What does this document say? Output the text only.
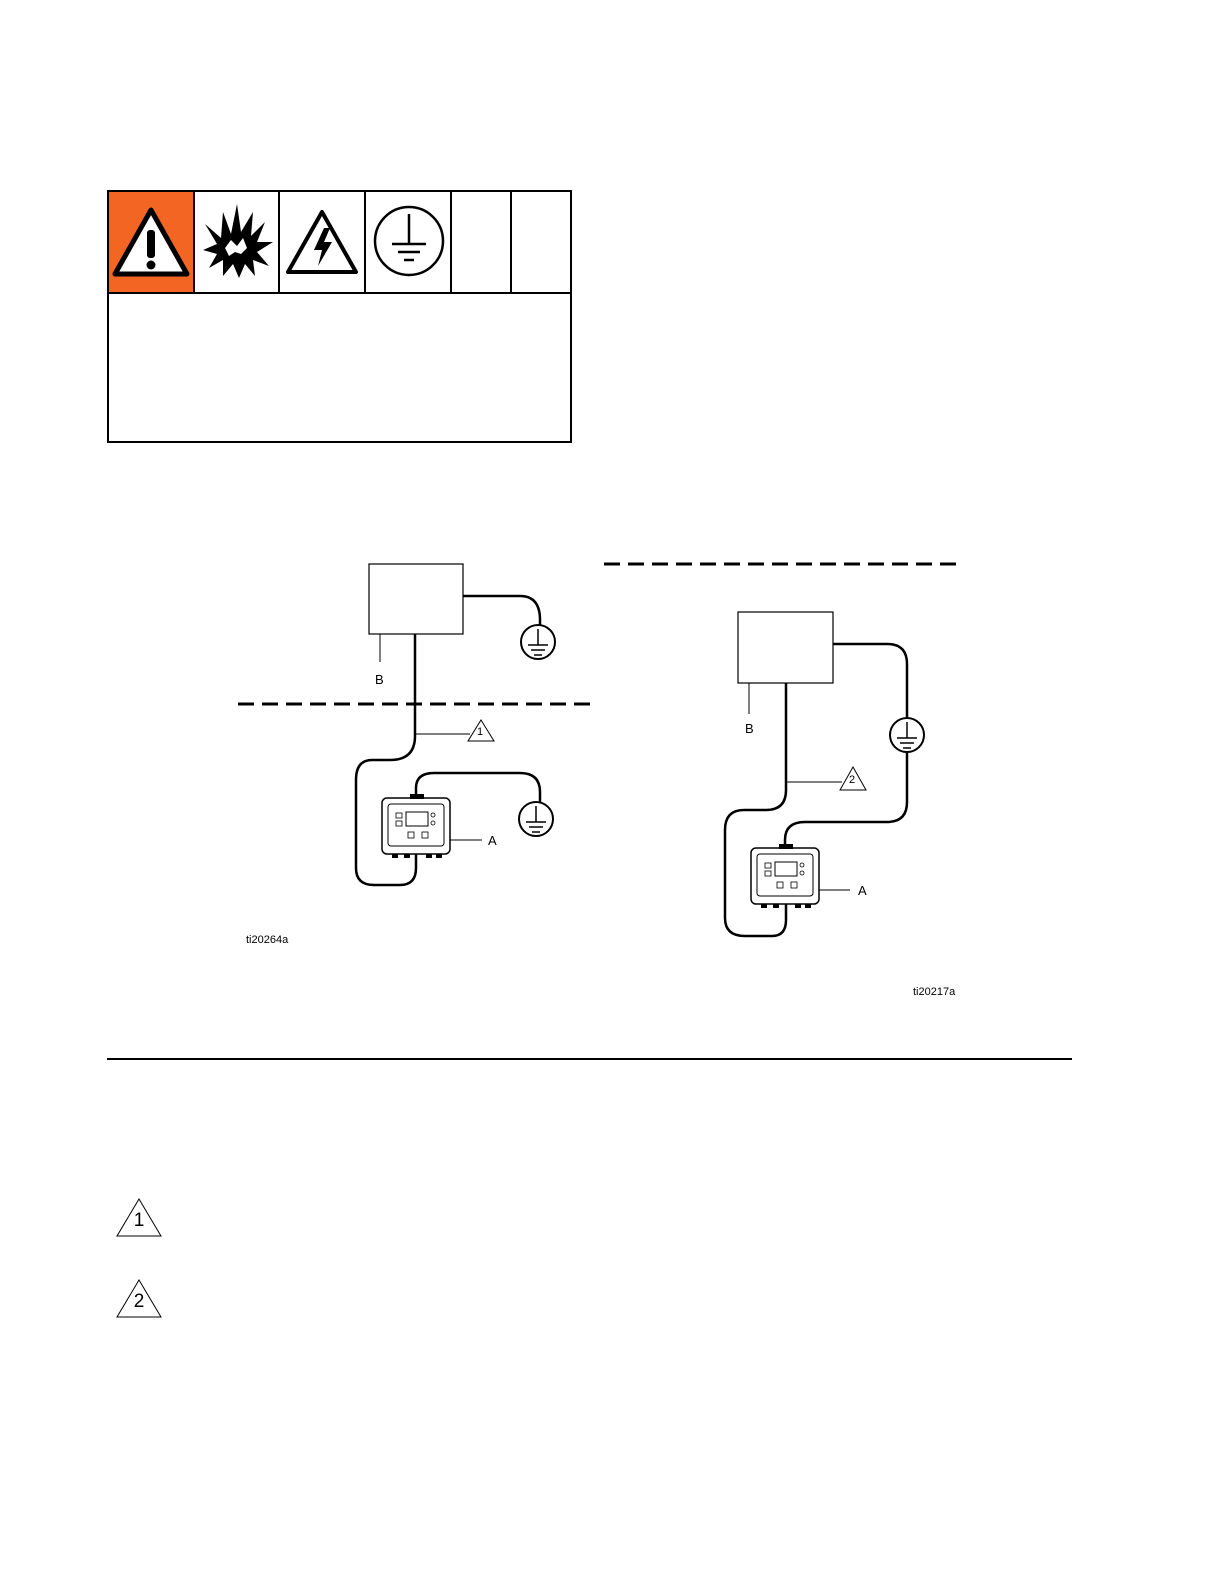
B
A
1
ti20264a
B
A
2
ti20217a
1
2
